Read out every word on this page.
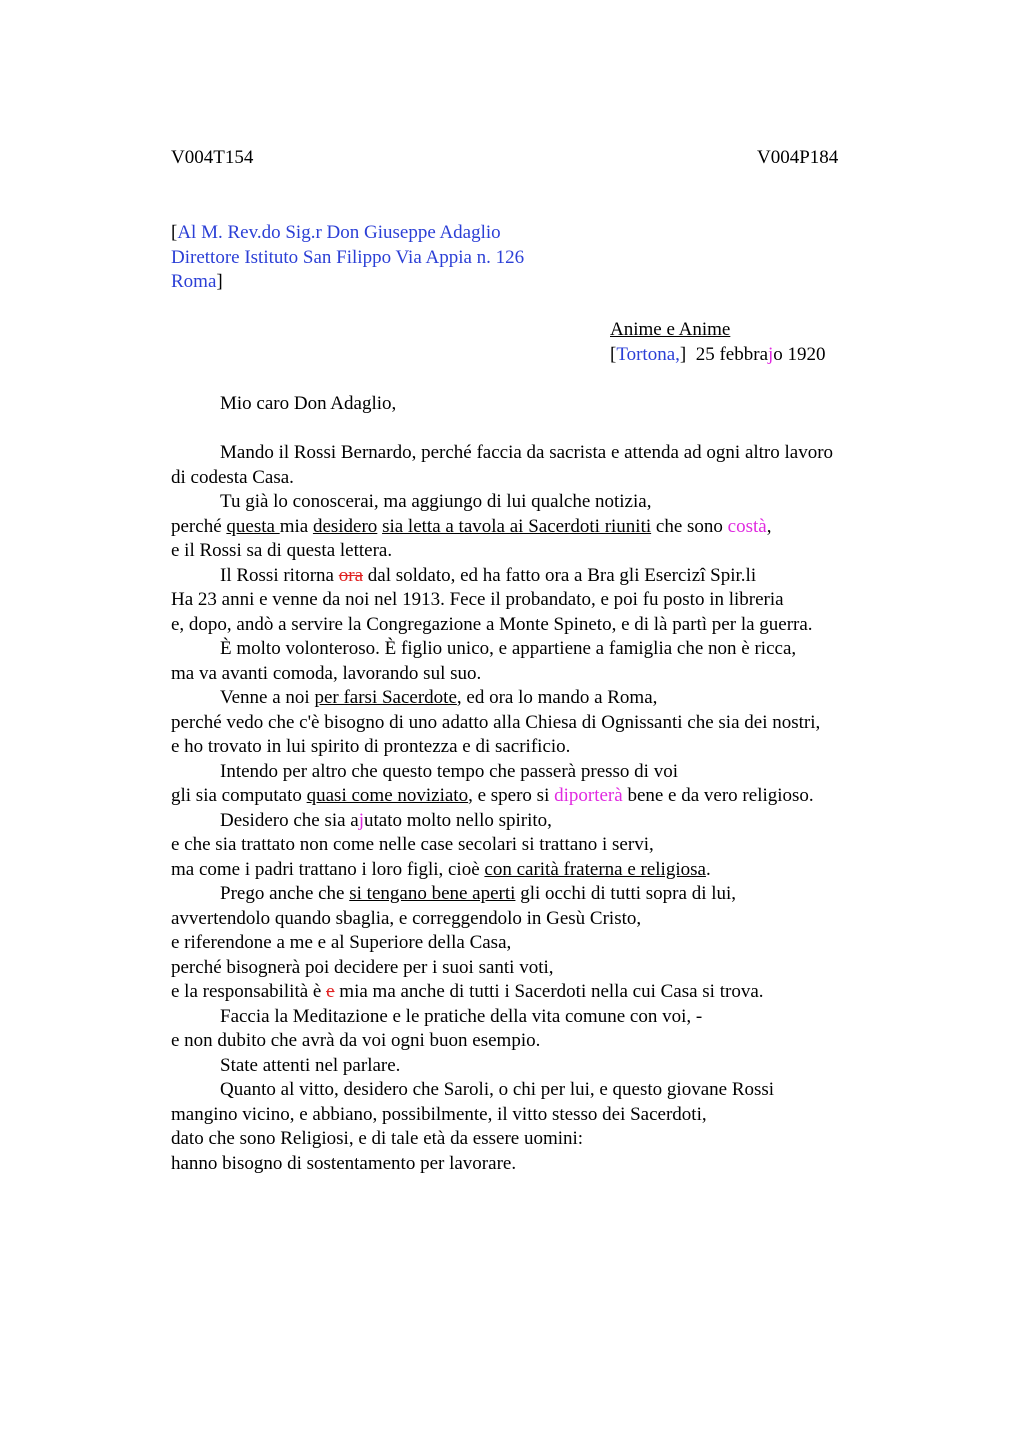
V004T154	V004P184
[Al M. Rev.do Sig.r Don Giuseppe Adaglio
Direttore Istituto San Filippo Via Appia n. 126
Roma]
Anime e Anime
[Tortona,]  25 febbrajo 1920
Mio caro Don Adaglio,
Mando il Rossi Bernardo, perché faccia da sacrista e attenda ad ogni altro lavoro
di codesta Casa.
Tu già lo conoscerai, ma aggiungo di lui qualche notizia,
perché questa mia desidero sia letta a tavola ai Sacerdoti riuniti che sono costà,
e il Rossi sa di questa lettera.
Il Rossi ritorna ora dal soldato, ed ha fatto ora a Bra gli Esercizi Spir.li
Ha 23 anni e venne da noi nel 1913. Fece il probandato, e poi fu posto in libreria
e, dopo, andò a servire la Congregazione a Monte Spineto, e di là partì per la guerra.
È molto volonteroso. È figlio unico, e appartiene a famiglia che non è ricca,
ma va avanti comoda, lavorando sul suo.
Venne a noi per farsi Sacerdote, ed ora lo mando a Roma,
perché vedo che c'è bisogno di uno adatto alla Chiesa di Ognissanti che sia dei nostri,
e ho trovato in lui spirito di prontezza e di sacrificio.
Intendo per altro che questo tempo che passerà presso di voi
gli sia computato quasi come noviziato, e spero si diporterà bene e da vero religioso.
Desidero che sia ajutato molto nello spirito,
e che sia trattato non come nelle case secolari si trattano i servi,
ma come i padri trattano i loro figli, cioè con carità fraterna e religiosa.
Prego anche che si tengano bene aperti gli occhi di tutti sopra di lui,
avvertendolo quando sbaglia, e correggendolo in Gesù Cristo,
e riferendone a me e al Superiore della Casa,
perché bisognerà poi decidere per i suoi santi voti,
e la responsabilità è e mia ma anche di tutti i Sacerdoti nella cui Casa si trova.
Faccia la Meditazione e le pratiche della vita comune con voi, -
e non dubito che avrà da voi ogni buon esempio.
State attenti nel parlare.
Quanto al vitto, desidero che Saroli, o chi per lui, e questo giovane Rossi
mangino vicino, e abbiano, possibilmente, il vitto stesso dei Sacerdoti,
dato che sono Religiosi, e di tale età da essere uomini:
hanno bisogno di sostentamento per lavorare.
